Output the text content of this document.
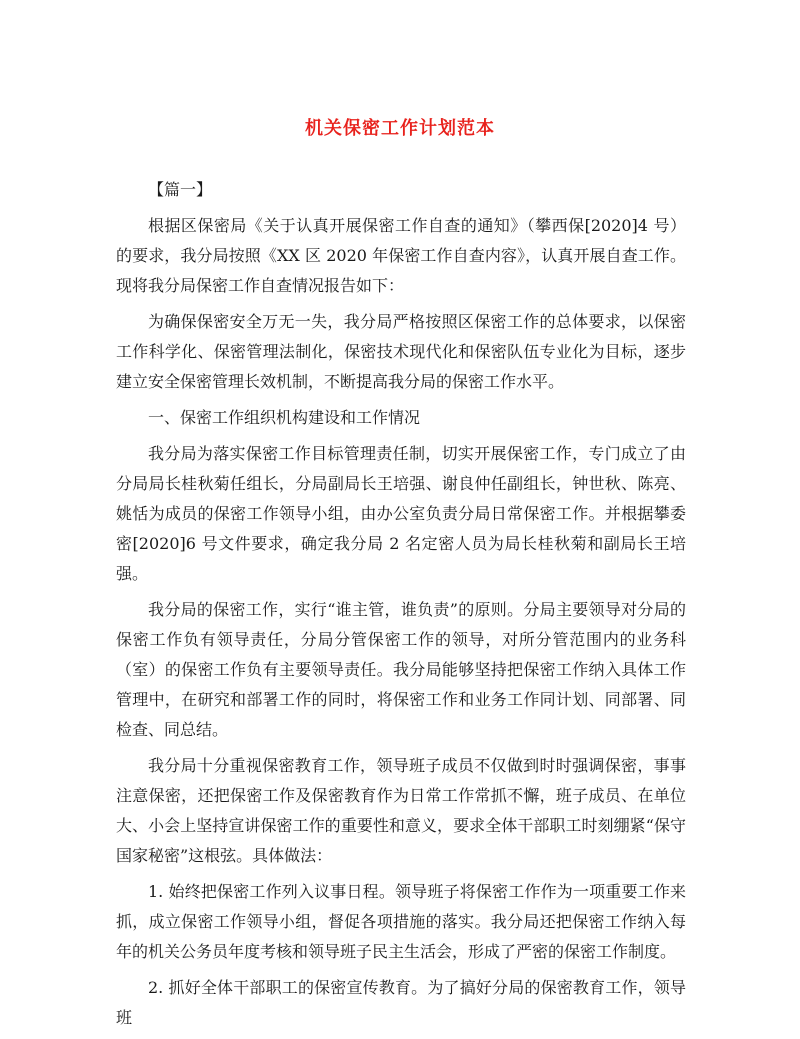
机关保密工作计划范本

【篇一】

根据区保密局《关于认真开展保密工作自查的通知》（攀西保[2020]4 号）的要求，我分局按照《XX 区 2020 年保密工作自查内容》，认真开展自查工作。现将我分局保密工作自查情况报告如下：

为确保保密安全万无一失，我分局严格按照区保密工作的总体要求，以保密工作科学化、保密管理法制化，保密技术现代化和保密队伍专业化为目标，逐步建立安全保密管理长效机制，不断提高我分局的保密工作水平。

一、保密工作组织机构建设和工作情况

我分局为落实保密工作目标管理责任制，切实开展保密工作，专门成立了由分局局长桂秋菊任组长，分局副局长王培强、谢良仲任副组长，钟世秋、陈亮、姚恬为成员的保密工作领导小组，由办公室负责分局日常保密工作。并根据攀委密[2020]6 号文件要求，确定我分局 2 名定密人员为局长桂秋菊和副局长王培强。

我分局的保密工作，实行“谁主管，谁负责”的原则。分局主要领导对分局的保密工作负有领导责任，分局分管保密工作的领导，对所分管范围内的业务科（室）的保密工作负有主要领导责任。我分局能够坚持把保密工作纳入具体工作管理中，在研究和部署工作的同时，将保密工作和业务工作同计划、同部署、同检查、同总结。

我分局十分重视保密教育工作，领导班子成员不仅做到时时强调保密，事事注意保密，还把保密工作及保密教育作为日常工作常抓不懈，班子成员、在单位大、小会上坚持宣讲保密工作的重要性和意义，要求全体干部职工时刻绷紧“保守国家秘密”这根弦。具体做法：

1. 始终把保密工作列入议事日程。领导班子将保密工作作为一项重要工作来抓，成立保密工作领导小组，督促各项措施的落实。我分局还把保密工作纳入每年的机关公务员年度考核和领导班子民主生活会，形成了严密的保密工作制度。

2. 抓好全体干部职工的保密宣传教育。为了搞好分局的保密教育工作，领导班
